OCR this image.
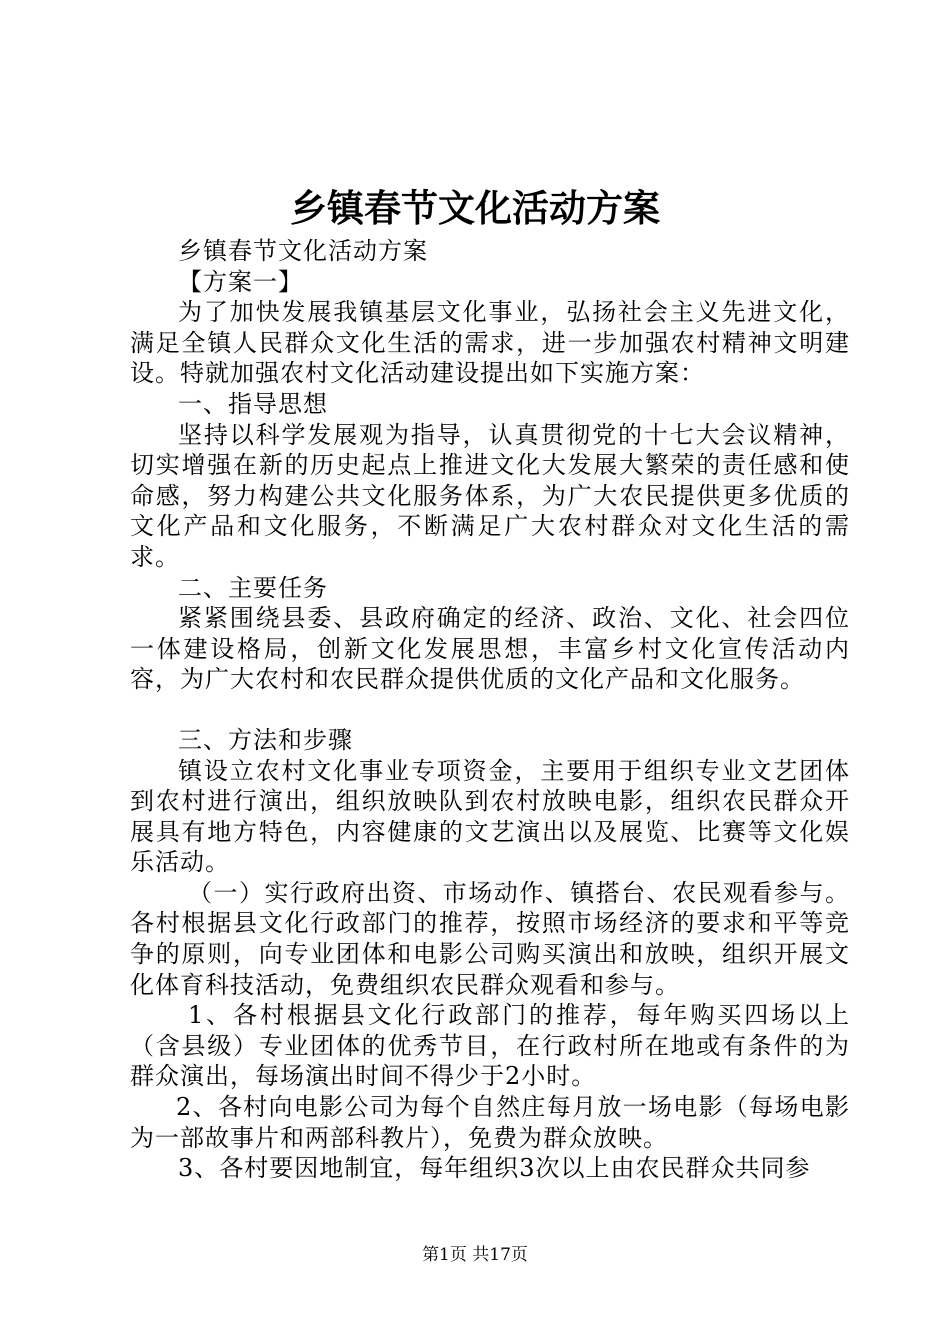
乡镇春节文化活动方案

乡镇春节文化活动方案

【方案一】

为了加快发展我镇基层文化事业，弘扬社会主义先进文化，满足全镇人民群众文化生活的需求，进一步加强农村精神文明建设。特就加强农村文化活动建设提出如下实施方案：

一、指导思想

坚持以科学发展观为指导，认真贯彻党的十七大会议精神，切实增强在新的历史起点上推进文化大发展大繁荣的责任感和使命感，努力构建公共文化服务体系，为广大农民提供更多优质的文化产品和文化服务，不断满足广大农村群众对文化生活的需求。

二、主要任务

紧紧围绕县委、县政府确定的经济、政治、文化、社会四位一体建设格局，创新文化发展思想，丰富乡村文化宣传活动内容，为广大农村和农民群众提供优质的文化产品和文化服务。

三、方法和步骤

镇设立农村文化事业专项资金，主要用于组织专业文艺团体到农村进行演出，组织放映队到农村放映电影，组织农民群众开展具有地方特色，内容健康的文艺演出以及展览、比赛等文化娱乐活动。

（一）实行政府出资、市场动作、镇搭台、农民观看参与。各村根据县文化行政部门的推荐，按照市场经济的要求和平等竞争的原则，向专业团体和电影公司购买演出和放映，组织开展文化体育科技活动，免费组织农民群众观看和参与。

1、各村根据县文化行政部门的推荐，每年购买四场以上（含县级）专业团体的优秀节目，在行政村所在地或有条件的为群众演出，每场演出时间不得少于2小时。

2、各村向电影公司为每个自然庄每月放一场电影（每场电影为一部故事片和两部科教片），免费为群众放映。

3、各村要因地制宜，每年组织3次以上由农民群众共同参

第1页 共17页
